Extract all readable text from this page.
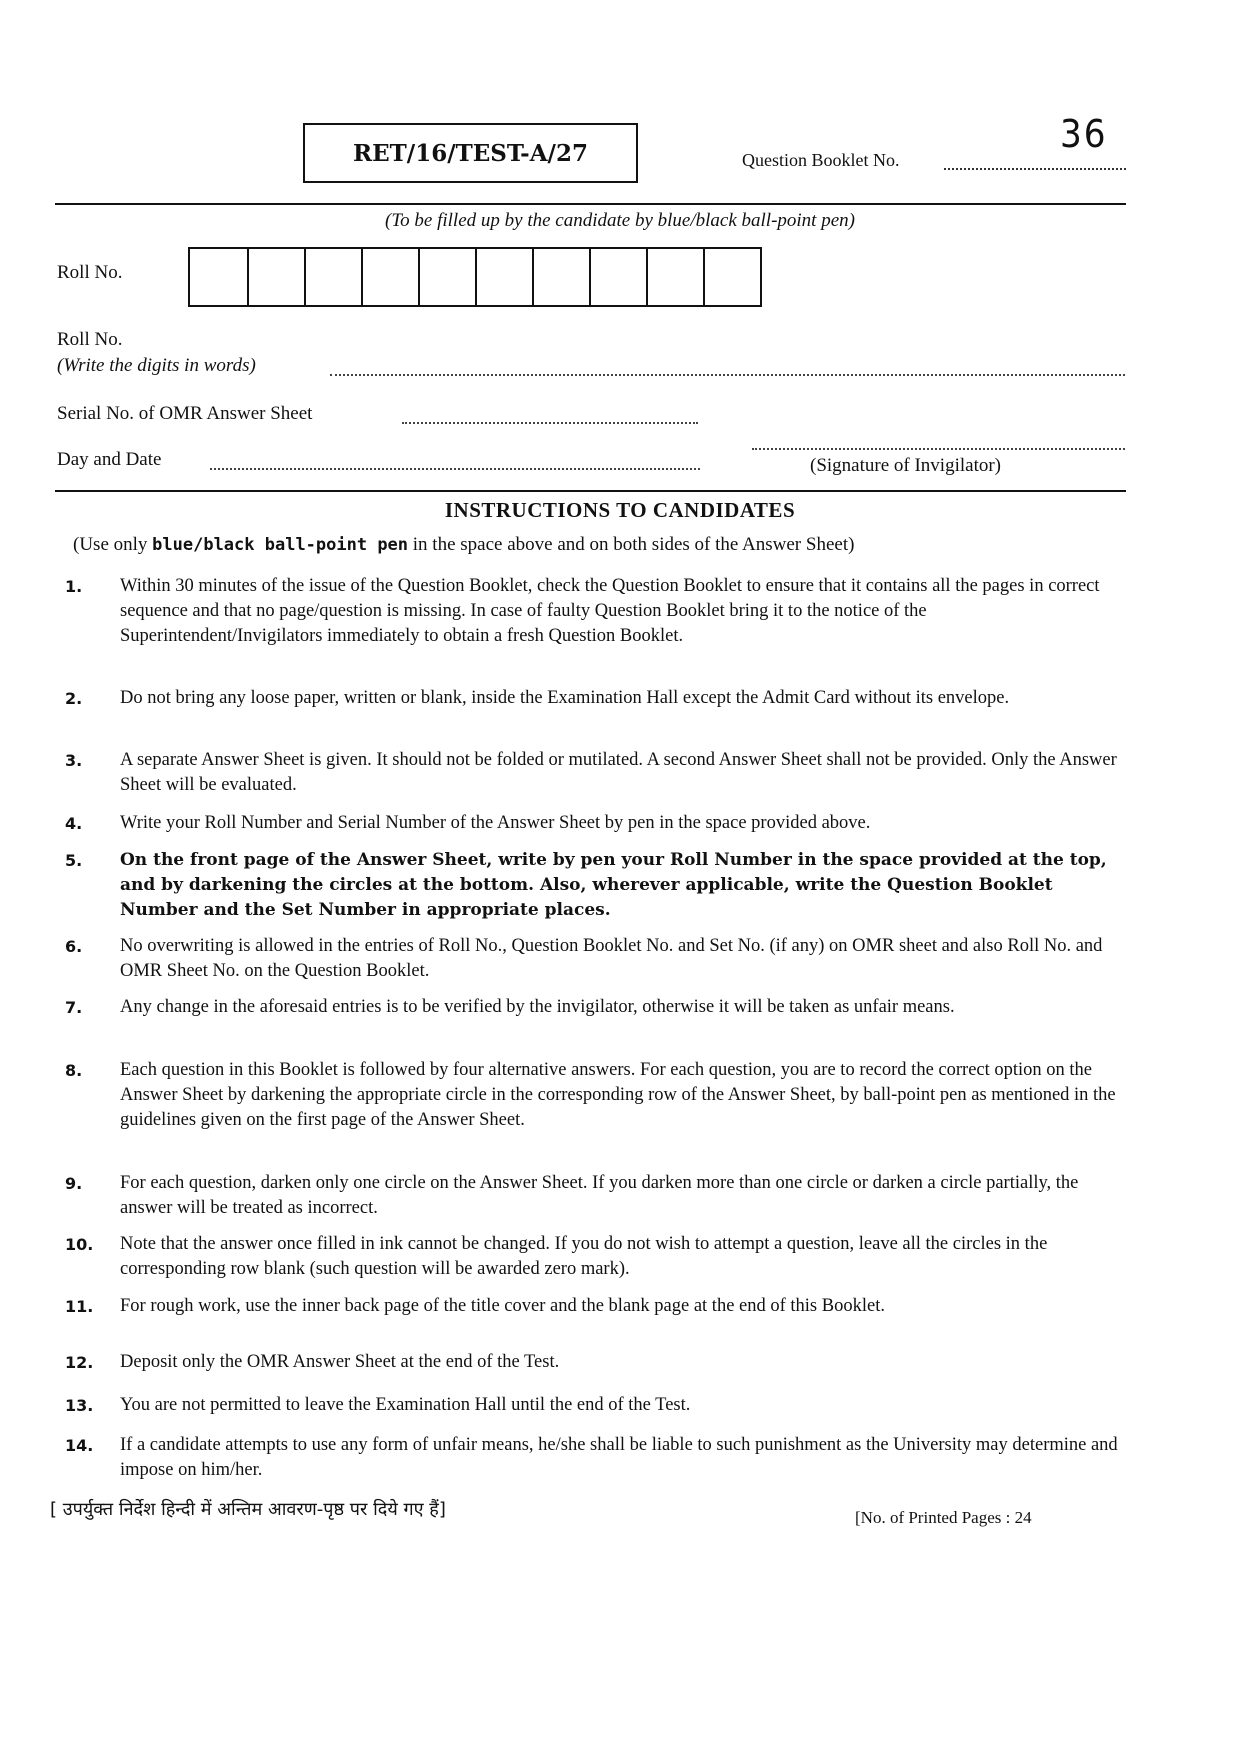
RET/16/TEST-A/27	Question Booklet No.
36
(To be filled up by the candidate by blue/black ball-point pen)
Roll No.
Roll No.
(Write the digits in words)
Serial No. of OMR Answer Sheet
Day and Date	(Signature of Invigilator)
INSTRUCTIONS TO CANDIDATES
(Use only blue/black ball-point pen in the space above and on both sides of the Answer Sheet)
1.	Within 30 minutes of the issue of the Question Booklet, check the Question Booklet to ensure that it contains all the pages in correct sequence and that no page/question is missing. In case of faulty Question Booklet bring it to the notice of the Superintendent/Invigilators immediately to obtain a fresh Question Booklet.
2.	Do not bring any loose paper, written or blank, inside the Examination Hall except the Admit Card without its envelope.
3.	A separate Answer Sheet is given. It should not be folded or mutilated. A second Answer Sheet shall not be provided. Only the Answer Sheet will be evaluated.
4.	Write your Roll Number and Serial Number of the Answer Sheet by pen in the space provided above.
5.	On the front page of the Answer Sheet, write by pen your Roll Number in the space provided at the top, and by darkening the circles at the bottom. Also, wherever applicable, write the Question Booklet Number and the Set Number in appropriate places.
6.	No overwriting is allowed in the entries of Roll No., Question Booklet No. and Set No. (if any) on OMR sheet and also Roll No. and OMR Sheet No. on the Question Booklet.
7.	Any change in the aforesaid entries is to be verified by the invigilator, otherwise it will be taken as unfair means.
8.	Each question in this Booklet is followed by four alternative answers. For each question, you are to record the correct option on the Answer Sheet by darkening the appropriate circle in the corresponding row of the Answer Sheet, by ball-point pen as mentioned in the guidelines given on the first page of the Answer Sheet.
9.	For each question, darken only one circle on the Answer Sheet. If you darken more than one circle or darken a circle partially, the answer will be treated as incorrect.
10.	Note that the answer once filled in ink cannot be changed. If you do not wish to attempt a question, leave all the circles in the corresponding row blank (such question will be awarded zero mark).
11.	For rough work, use the inner back page of the title cover and the blank page at the end of this Booklet.
12.	Deposit only the OMR Answer Sheet at the end of the Test.
13.	You are not permitted to leave the Examination Hall until the end of the Test.
14.	If a candidate attempts to use any form of unfair means, he/she shall be liable to such punishment as the University may determine and impose on him/her.
[ उपर्युक्त निर्देश हिन्दी में अन्तिम आवरण-पृष्ठ पर दिये गए हैं]	[No. of Printed Pages : 24
